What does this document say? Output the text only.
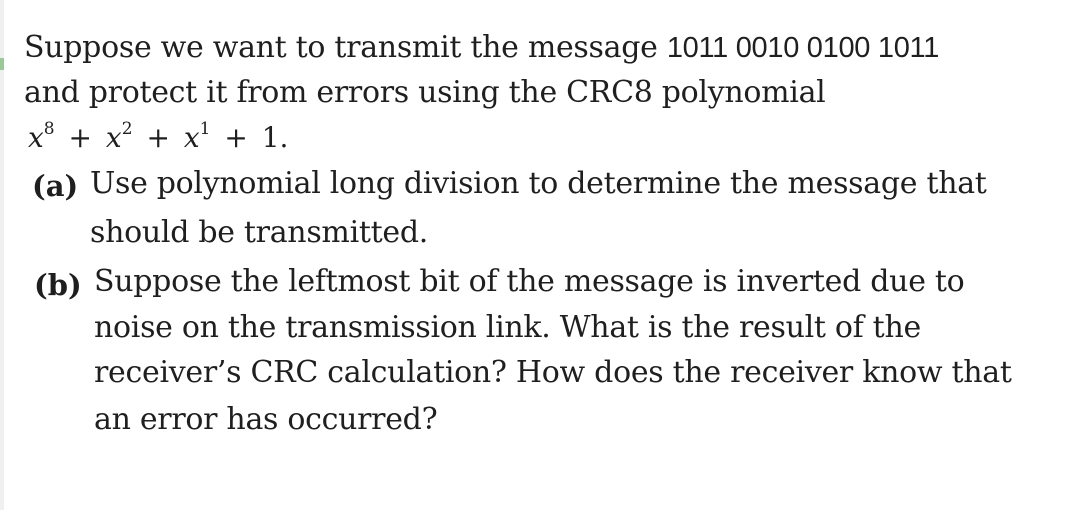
Suppose we want to transmit the message 1011 0010 0100 1011
and protect it from errors using the CRC8 polynomial
$x^8 + x^2 + x^1 + 1$.
(a) Use polynomial long division to determine the message that
should be transmitted.
(b) Suppose the leftmost bit of the message is inverted due to
noise on the transmission link. What is the result of the
receiver’s CRC calculation? How does the receiver know that
an error has occurred?
